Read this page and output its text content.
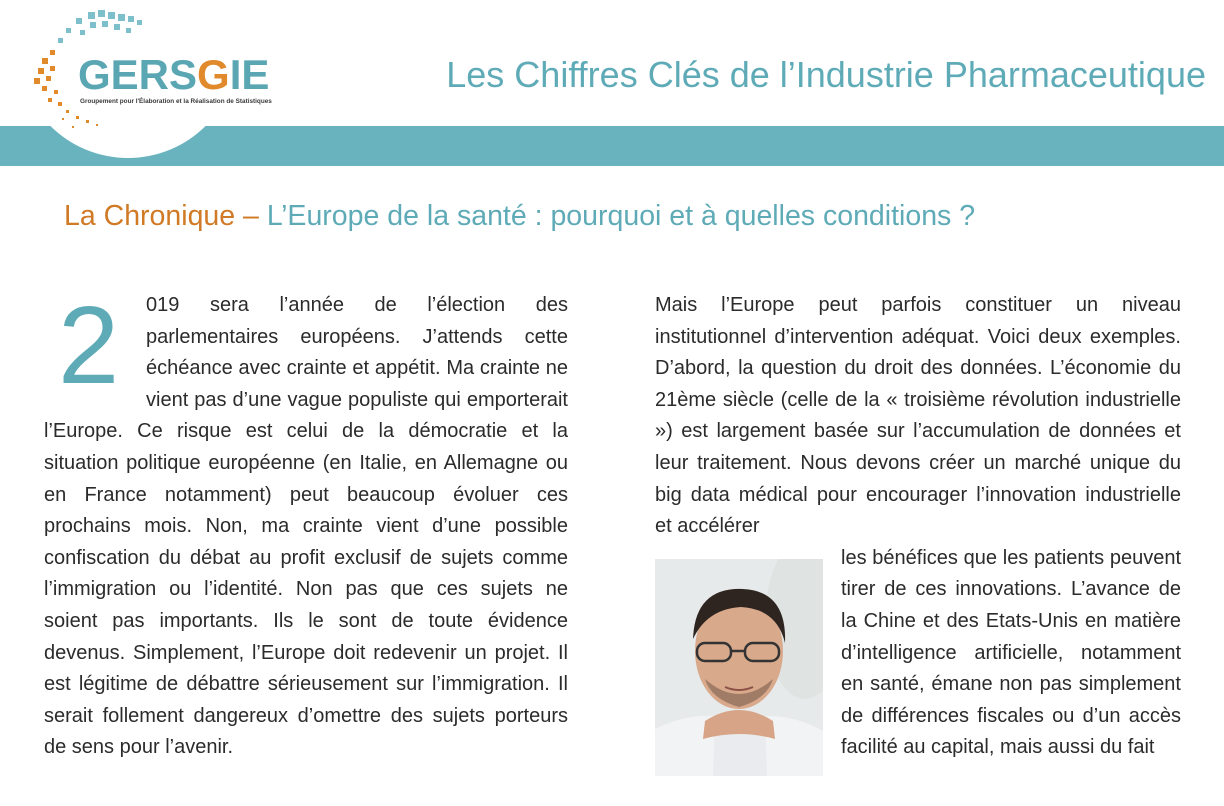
GERSGIE
Groupement pour l'Élaboration et la Réalisation de Statistiques
Les Chiffres Clés de l’Industrie Pharmaceutique
La Chronique – L’Europe de la santé : pourquoi et à quelles conditions ?
2	019 sera l’année de l’élection des parlementaires européens. J’attends cette échéance avec crainte et appétit. Ma crainte ne vient pas d’une vague populiste qui emporterait l’Europe. Ce risque est celui de la démocratie et la situation politique européenne (en Italie, en Allemagne ou en France notamment) peut beaucoup évoluer ces prochains mois. Non, ma crainte vient d’une possible confiscation du débat au profit exclusif de sujets comme l’immigration ou l’identité. Non pas que ces sujets ne soient pas importants. Ils le sont de toute évidence devenus. Simplement, l’Europe doit redevenir un projet. Il est légitime de débattre sérieusement sur l’immigration. Il serait follement dangereux d’omettre des sujets porteurs de sens pour l’avenir.

Mais l’Europe peut parfois constituer un niveau institutionnel d’intervention adéquat. Voici deux exemples. D’abord, la question du droit des données. L’économie du 21ème siècle (celle de la « troisième révolution industrielle ») est largement basée sur l’accumulation de données et leur traitement. Nous devons créer un marché unique du big data médical pour encourager l’innovation industrielle et accélérer

les bénéfices que les patients peuvent tirer de ces innovations. L’avance de la Chine et des Etats-Unis en matière d’intelligence artificielle, notamment en santé, émane non pas simplement de différences fiscales ou d’un accès facilité au capital, mais aussi du fait
